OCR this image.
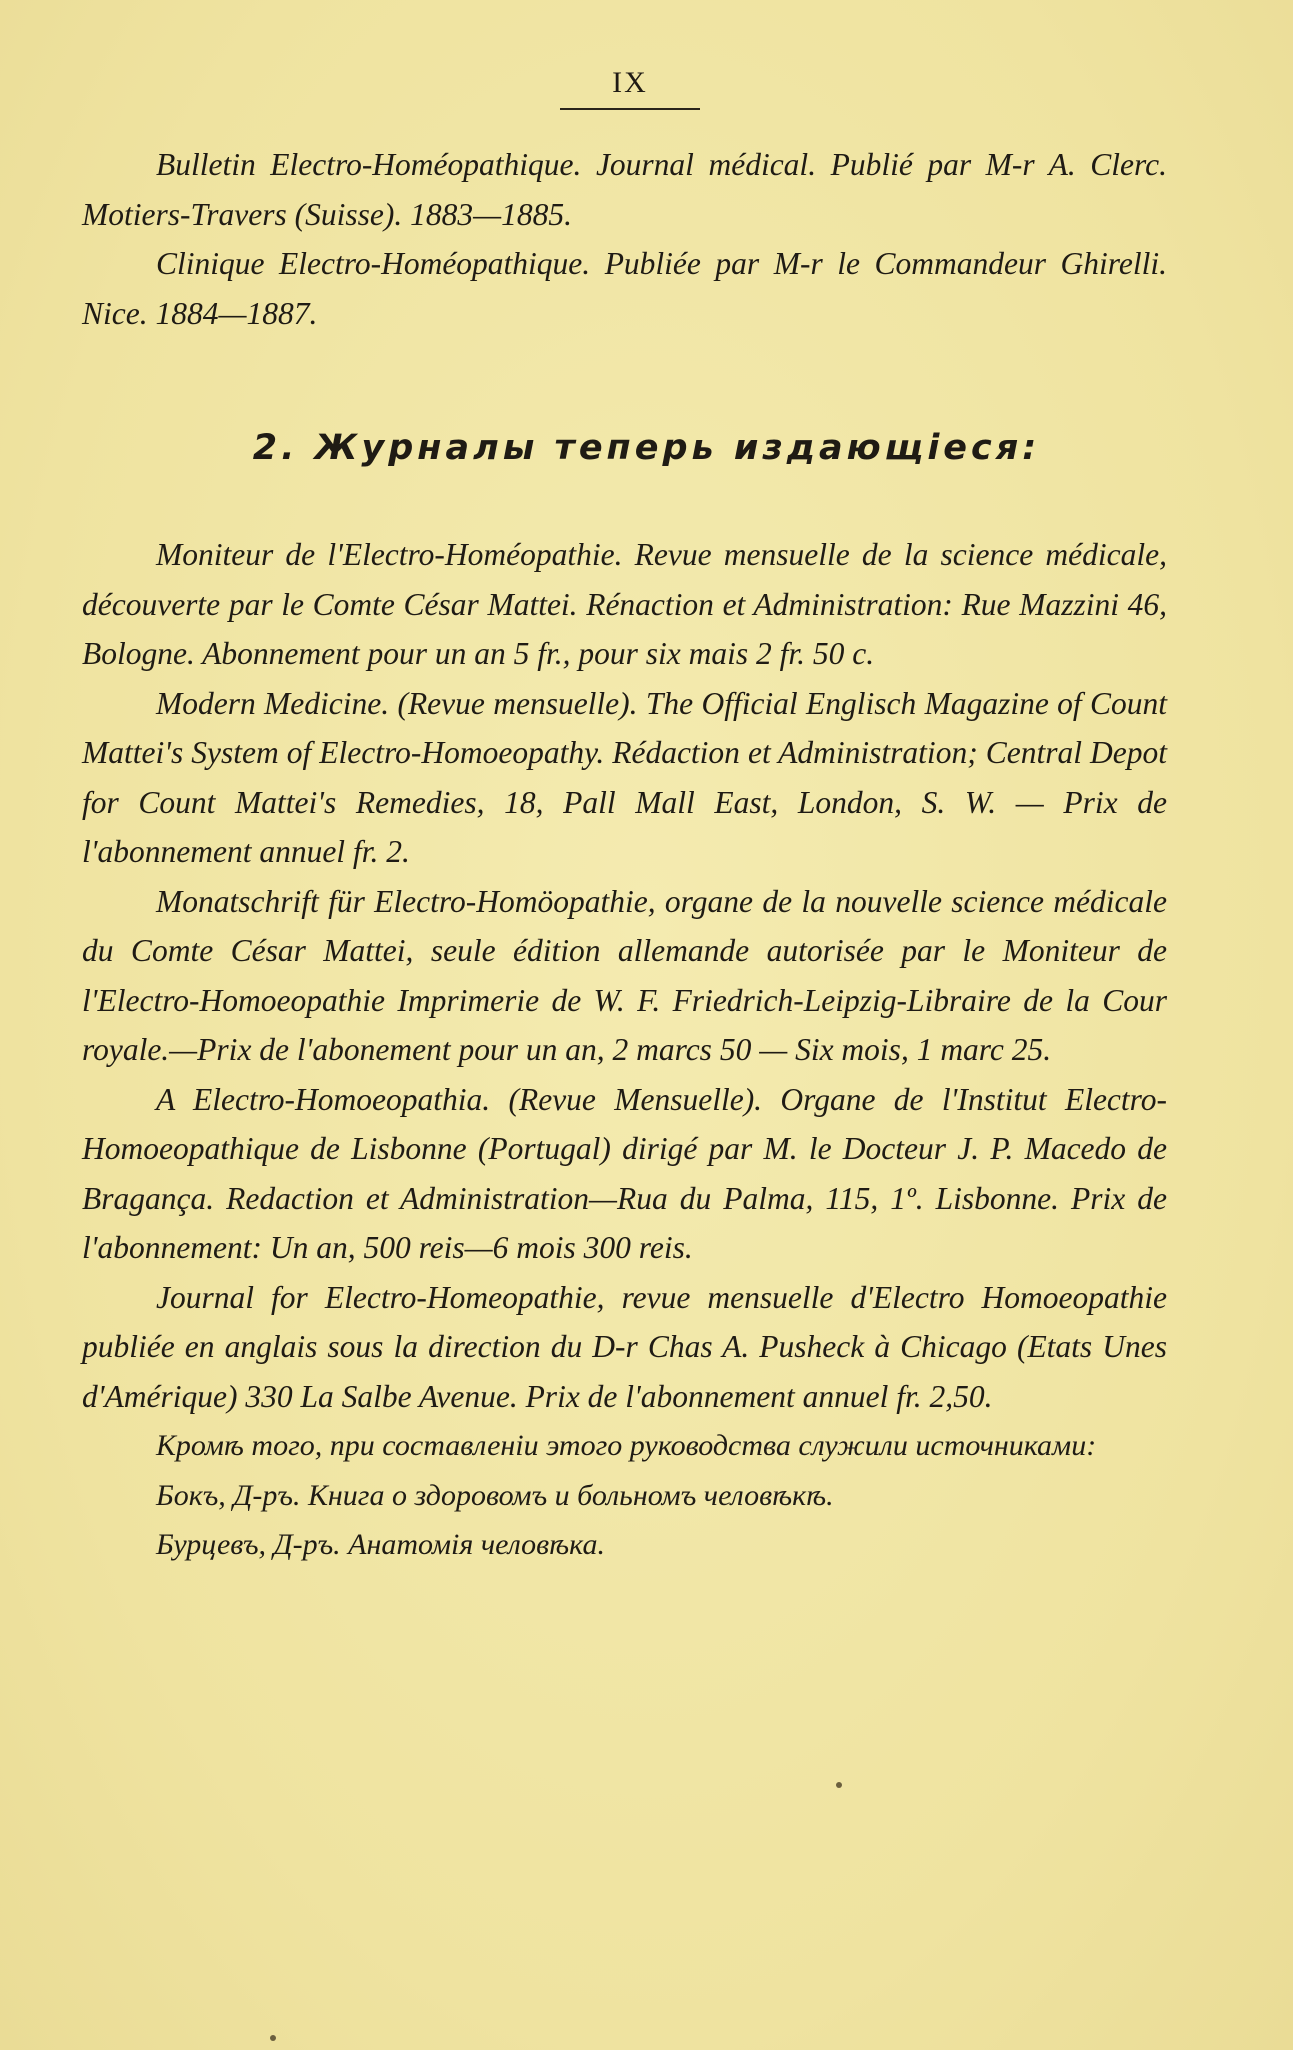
IX

Bulletin Electro-Homéopathique. Journal médical. Publié par M-r A. Clerc. Motiers-Travers (Suisse). 1883—1885.

Clinique Electro-Homéopathique. Publiée par M-r le Commandeur Ghirelli. Nice. 1884—1887.

2. Журналы теперь издающіеся:

Moniteur de l'Electro-Homéopathie. Revue mensuelle de la science médicale, découverte par le Comte César Mattei. Rénaction et Administration: Rue Mazzini 46, Bologne. Abonnement pour un an 5 fr., pour six mais 2 fr. 50 c.

Modern Medicine. (Revue mensuelle). The Official Englisch Magazine of Count Mattei's System of Electro-Homoeopathy. Rédaction et Administration; Central Depot for Count Mattei's Remedies, 18, Pall Mall East, London, S. W. — Prix de l'abonnement annuel fr. 2.

Monatschrift für Electro-Homöopathie, organe de la nouvelle science médicale du Comte César Mattei, seule édition allemande autorisée par le Moniteur de l'Electro-Homoeopathie Imprimerie de W. F. Friedrich-Leipzig-Libraire de la Cour royale.—Prix de l'abonement pour un an, 2 marcs 50 — Six mois, 1 marc 25.

A Electro-Homoeopathia. (Revue Mensuelle). Organe de l'Institut Electro-Homoeopathique de Lisbonne (Portugal) dirigé par M. le Docteur J. P. Macedo de Bragança. Redaction et Administration—Rua du Palma, 115, 1º. Lisbonne. Prix de l'abonnement: Un an, 500 reis—6 mois 300 reis.

Journal for Electro-Homeopathie, revue mensuelle d'Electro Homoeopathie publiée en anglais sous la direction du D-r Chas A. Pusheck à Chicago (Etats Unes d'Amérique) 330 La Salbe Avenue. Prix de l'abonnement annuel fr. 2,50.

Кромѣ того, при составленіи этого руководства служили источниками:

Бокъ, Д-ръ. Книга о здоровомъ и больномъ человѣкѣ.

Бурцевъ, Д-ръ. Анатомія человѣка.
